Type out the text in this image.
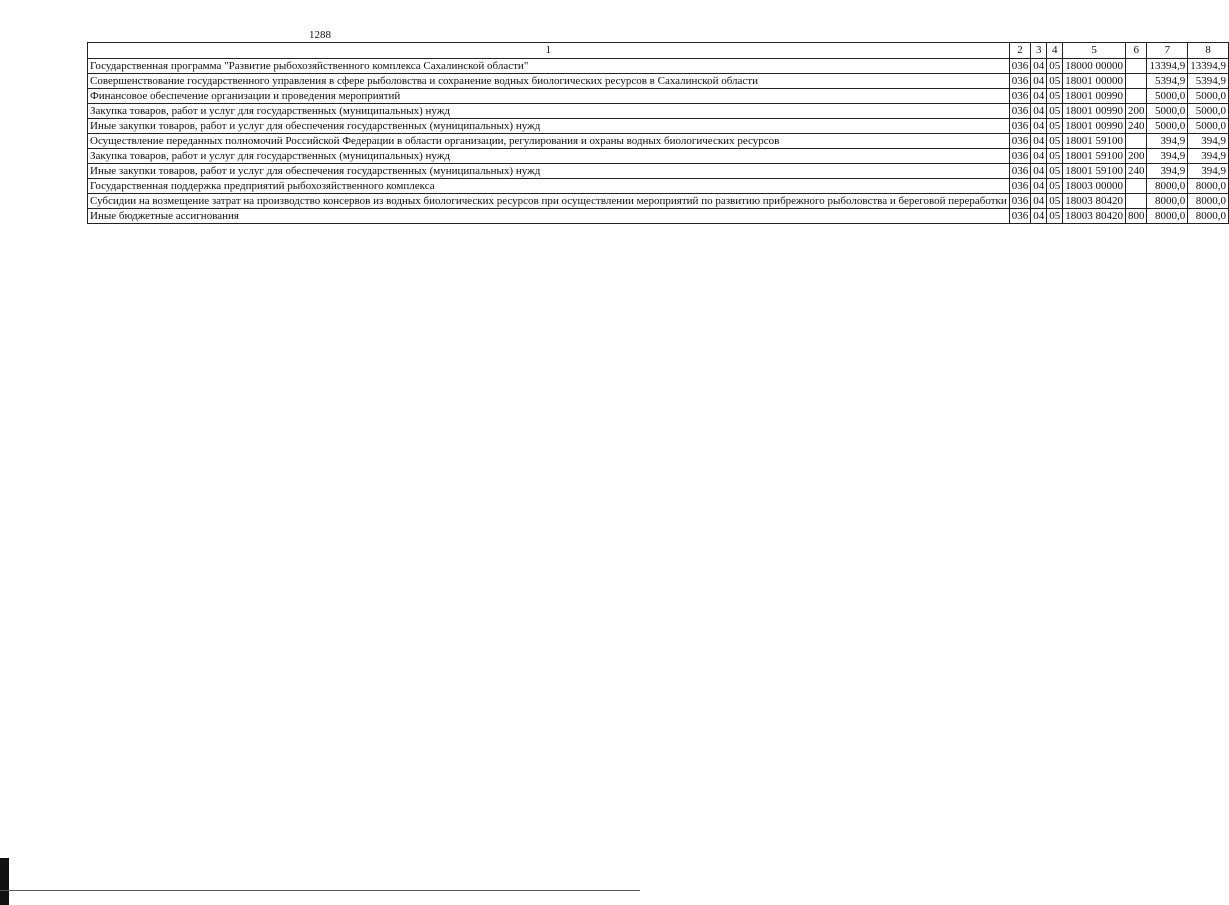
1288
1	2	3	4	5	6	7	8
Государственная программа "Развитие рыбохозяйственного комплекса Сахалинской области"	036	04	05	18000 00000		13394,9	13394,9
Совершенствование государственного управления в сфере рыболовства и сохранение водных биологических ресурсов в Сахалинской области	036	04	05	18001 00000		5394,9	5394,9
Финансовое обеспечение организации и проведения мероприятий	036	04	05	18001 00990		5000,0	5000,0
Закупка товаров, работ и услуг для государственных (муниципальных) нужд	036	04	05	18001 00990	200	5000,0	5000,0
Иные закупки товаров, работ и услуг для обеспечения государственных (муниципальных) нужд	036	04	05	18001 00990	240	5000,0	5000,0
Осуществление переданных полномочий Российской Федерации в области организации, регулирования и охраны водных биологических ресурсов	036	04	05	18001 59100		394,9	394,9
Закупка товаров, работ и услуг для государственных (муниципальных) нужд	036	04	05	18001 59100	200	394,9	394,9
Иные закупки товаров, работ и услуг для обеспечения государственных (муниципальных) нужд	036	04	05	18001 59100	240	394,9	394,9
Государственная поддержка предприятий рыбохозяйственного комплекса	036	04	05	18003 00000		8000,0	8000,0
Субсидии на возмещение затрат на производство консервов из водных биологических ресурсов при осуществлении мероприятий по развитию прибрежного рыболовства и береговой переработки	036	04	05	18003 80420		8000,0	8000,0
Иные бюджетные ассигнования	036	04	05	18003 80420	800	8000,0	8000,0
